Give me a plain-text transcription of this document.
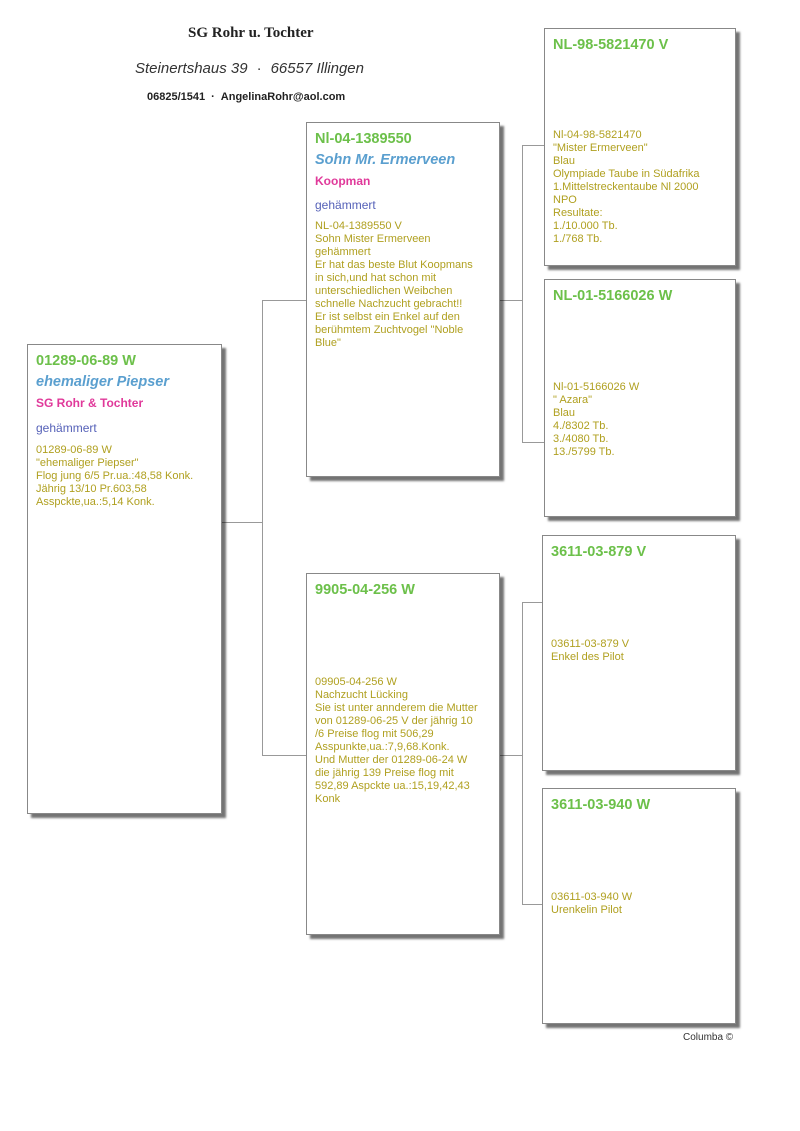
SG Rohr u. Tochter
Steinertshaus 39 · 66557 Illingen
06825/1541 · AngelinaRohr@aol.com
01289-06-89 W
ehemaliger Piepser
SG Rohr & Tochter
gehämmert
01289-06-89 W
"ehemaliger Piepser"
Flog jung 6/5 Pr.ua.:48,58 Konk.
Jährig 13/10 Pr.603,58
Asspckte,ua.:5,14 Konk.
Nl-04-1389550
Sohn Mr. Ermerveen
Koopman
gehämmert
NL-04-1389550 V
Sohn Mister Ermerveen
gehämmert
Er hat das beste Blut Koopmans
in sich,und hat schon mit
unterschiedlichen Weibchen
schnelle Nachzucht gebracht!!
Er ist selbst ein Enkel auf den
berühmtem Zuchtvogel "Noble
Blue"
9905-04-256 W
09905-04-256 W
Nachzucht Lücking
Sie ist unter annderem die Mutter
von 01289-06-25 V der jährig 10
/6 Preise flog mit 506,29
Asspunkte,ua.:7,9,68.Konk.
Und Mutter der 01289-06-24 W
die jährig 139 Preise flog mit
592,89 Aspckte ua.:15,19,42,43
Konk
NL-98-5821470 V
Nl-04-98-5821470
"Mister Ermerveen"
Blau
Olympiade Taube in Südafrika
1.Mittelstreckentaube Nl 2000
NPO
Resultate:
1./10.000 Tb.
1./768 Tb.
NL-01-5166026 W
Nl-01-5166026 W
" Azara"
Blau
4./8302 Tb.
3./4080 Tb.
13./5799 Tb.
3611-03-879 V
03611-03-879 V
Enkel des Pilot
3611-03-940 W
03611-03-940 W
Urenkelin Pilot
Columba ©
